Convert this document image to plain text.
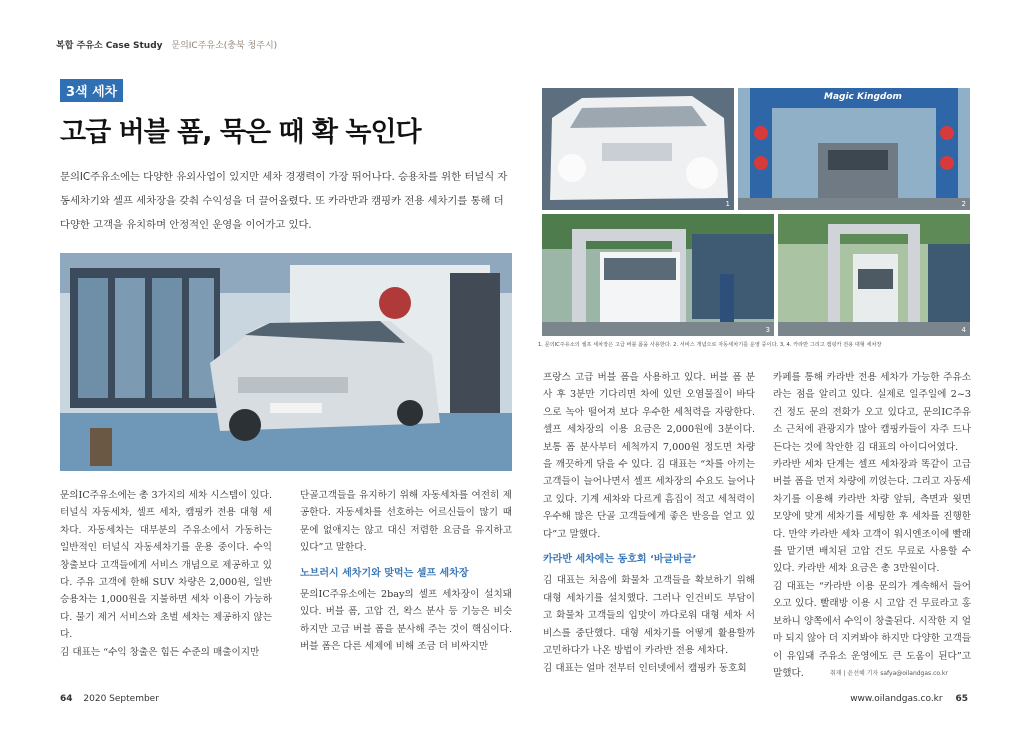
복합 주유소 Case Study 문의IC주유소(충북 청주시)
3색 세차
고급 버블 폼, 묵은 때 확 녹인다
문의IC주유소에는 다양한 유외사업이 있지만 세차 경쟁력이 가장 뛰어나다. 승용차를 위한 터널식 자동세차기와 셀프 세차장을 갖춰 수익성을 더 끌어올렸다. 또 카라반과 캠핑카 전용 세차기를 통해 더 다양한 고객을 유치하며 안정적인 운영을 이어가고 있다.
1
Magic Kingdom
2
3	4
1. 문의IC주유소의 셀프 세차장은 고급 버블 폼을 사용한다. 2. 서비스 개념으로 자동세차기를 운영 중이다. 3, 4. 카라반 그리고 캠핑카 전용 대형 세차장

문의IC주유소에는 총 3가지의 세차 시스템이 있다. 터널식 자동세차, 셀프 세차, 캠핑카 전용 대형 세차다. 자동세차는 대부분의 주유소에서 가동하는 일반적인 터널식 자동세차기를 운용 중이다. 수익 창출보다 고객들에게 서비스 개념으로 제공하고 있다. 주유 고객에 한해 SUV 차량은 2,000원, 일반 승용차는 1,000원을 지불하면 세차 이용이 가능하다. 물기 제거 서비스와 초벌 세차는 제공하지 않는다.

김 대표는 “수익 창출은 힘든 수준의 매출이지만

단골고객들을 유지하기 위해 자동세차를 여전히 제공한다. 자동세차를 선호하는 어르신들이 많기 때문에 없애지는 않고 대신 저렴한 요금을 유지하고 있다”고 말한다.

노브러시 세차기와 맞먹는 셀프 세차장

문의IC주유소에는 2bay의 셀프 세차장이 설치돼 있다. 버블 폼, 고압 건, 왁스 분사 등 기능은 비슷하지만 고급 버블 폼을 분사해 주는 것이 핵심이다. 버블 폼은 다른 세제에 비해 조금 더 비싸지만

프랑스 고급 버블 폼을 사용하고 있다. 버블 폼 분사 후 3분만 기다리면 차에 있던 오염물질이 바닥으로 녹아 떨어져 보다 우수한 세척력을 자랑한다. 셀프 세차장의 이용 요금은 2,000원에 3분이다. 보통 폼 분사부터 세척까지 7,000원 정도면 차량을 깨끗하게 닦을 수 있다. 김 대표는 “차를 아끼는 고객들이 늘어나면서 셀프 세차장의 수요도 늘어나고 있다. 기계 세차와 다르게 흠집이 적고 세척력이 우수해 많은 단골 고객들에게 좋은 반응을 얻고 있다”고 말했다.

카라반 세차에는 동호회 ‘바글바글’

김 대표는 처음에 화물차 고객들을 확보하기 위해 대형 세차기를 설치했다. 그러나 인건비도 부담이고 화물차 고객들의 입맛이 까다로워 대형 세차 서비스를 중단했다. 대형 세차기를 어떻게 활용할까 고민하다가 나온 방법이 카라반 전용 세차다.

김 대표는 얼마 전부터 인터넷에서 캠핑카 동호회

카페를 통해 카라반 전용 세차가 가능한 주유소라는 점을 알리고 있다. 실제로 일주일에 2~3건 정도 문의 전화가 오고 있다고, 문의IC주유소 근처에 관광지가 많아 캠핑카들이 자주 드나든다는 것에 착안한 김 대표의 아이디어였다.

카라반 세차 단계는 셀프 세차장과 똑같이 고급 버블 폼을 먼저 차량에 끼얹는다. 그리고 자동세차기를 이용해 카라반 차량 앞뒤, 측면과 윗면 모양에 맞게 세차기를 세팅한 후 세차를 진행한다. 만약 카라반 세차 고객이 워시엔조이에 빨래를 맡기면 배치된 고압 건도 무료로 사용할 수 있다. 카라반 세차 요금은 총 3만원이다.

김 대표는 “카라반 이용 문의가 계속해서 들어오고 있다. 빨래방 이용 시 고압 건 무료라고 홍보하니 양쪽에서 수익이 창출된다. 시작한 지 얼마 되지 않아 더 지켜봐야 하지만 다양한 고객들이 유입돼 주유소 운영에도 큰 도움이 된다”고 말했다.	취재 | 윤선혜 기자 safya@oilandgas.co.kr
64 2020 September	www.oilandgas.co.kr 65
